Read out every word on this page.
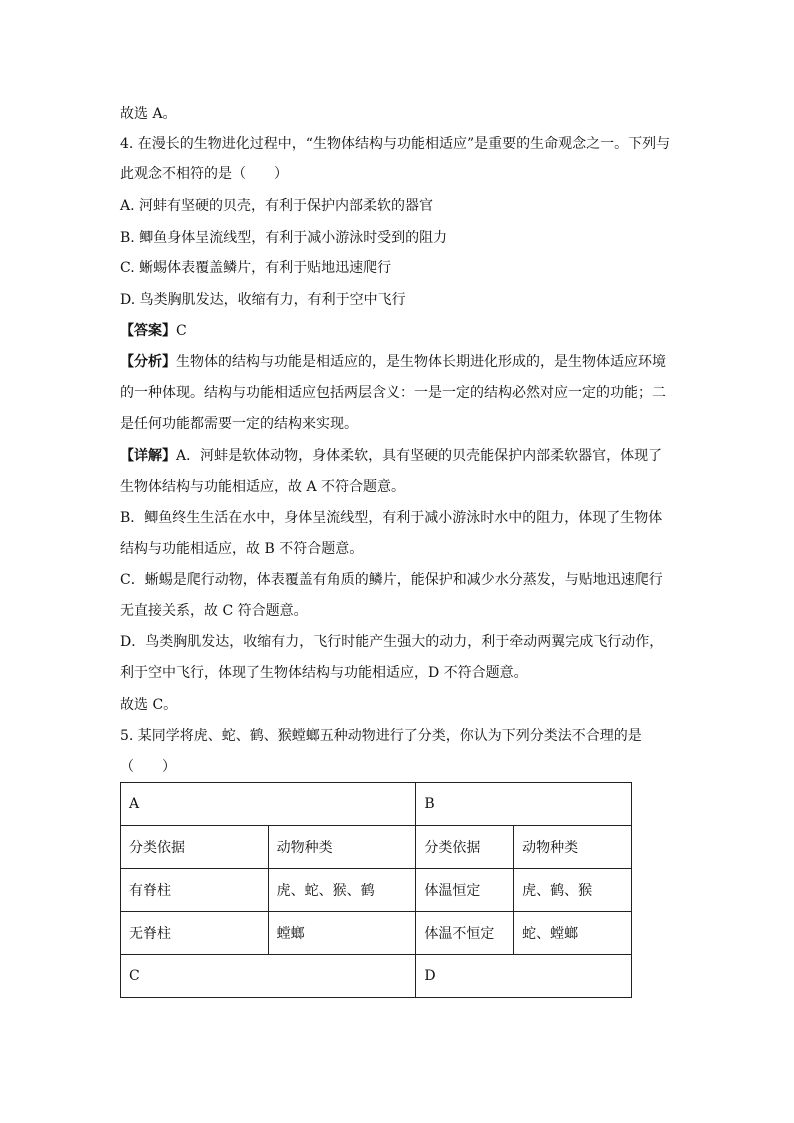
故选 A。
4. 在漫长的生物进化过程中，“生物体结构与功能相适应”是重要的生命观念之一。下列与
此观念不相符的是（　　）
A. 河蚌有坚硬的贝壳，有利于保护内部柔软的器官
B. 鲫鱼身体呈流线型，有利于减小游泳时受到的阻力
C. 蜥蜴体表覆盖鳞片，有利于贴地迅速爬行
D. 鸟类胸肌发达，收缩有力，有利于空中飞行
【答案】C
【分析】生物体的结构与功能是相适应的，是生物体长期进化形成的，是生物体适应环境
的一种体现。结构与功能相适应包括两层含义：一是一定的结构必然对应一定的功能；二
是任何功能都需要一定的结构来实现。
【详解】A．河蚌是软体动物，身体柔软，具有坚硬的贝壳能保护内部柔软器官，体现了
生物体结构与功能相适应，故 A 不符合题意。
B．鲫鱼终生生活在水中，身体呈流线型，有利于减小游泳时水中的阻力，体现了生物体
结构与功能相适应，故 B 不符合题意。
C．蜥蜴是爬行动物，体表覆盖有角质的鳞片，能保护和减少水分蒸发，与贴地迅速爬行
无直接关系，故 C 符合题意。
D．鸟类胸肌发达，收缩有力，飞行时能产生强大的动力，利于牵动两翼完成飞行动作，
利于空中飞行，体现了生物体结构与功能相适应，D 不符合题意。
故选 C。
5. 某同学将虎、蛇、鹤、猴螳螂五种动物进行了分类，你认为下列分类法不合理的是
（　　）
A		B	
分类依据	动物种类	分类依据	动物种类
有脊柱	虎、蛇、猴、鹤	体温恒定	虎、鹤、猴
无脊柱	螳螂	体温不恒定	蛇、螳螂
C		D	
